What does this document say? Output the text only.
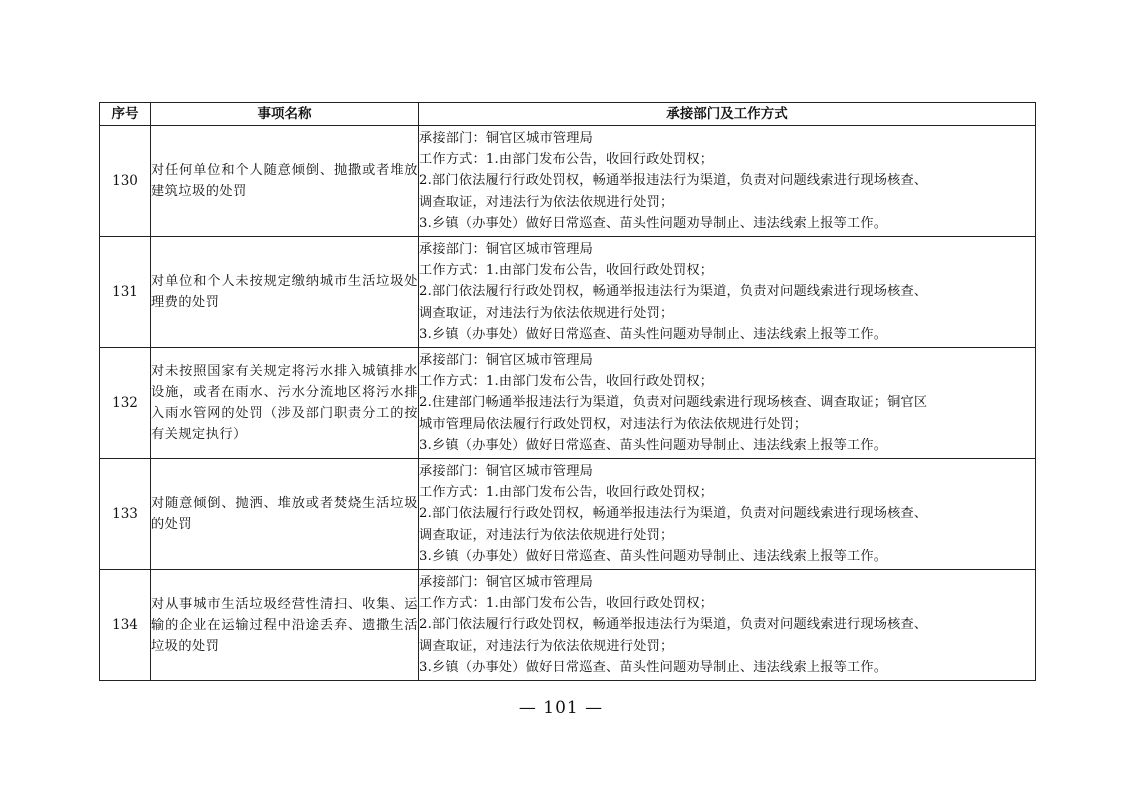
序号	事项名称	承接部门及工作方式
130	对任何单位和个人随意倾倒、抛撒或者堆放建筑垃圾的处罚	承接部门：铜官区城市管理局
工作方式：1.由部门发布公告，收回行政处罚权；
2.部门依法履行行政处罚权，畅通举报违法行为渠道，负责对问题线索进行现场核查、
调查取证，对违法行为依法依规进行处罚；
3.乡镇（办事处）做好日常巡查、苗头性问题劝导制止、违法线索上报等工作。

131	对单位和个人未按规定缴纳城市生活垃圾处理费的处罚	承接部门：铜官区城市管理局
工作方式：1.由部门发布公告，收回行政处罚权；
2.部门依法履行行政处罚权，畅通举报违法行为渠道，负责对问题线索进行现场核查、
调查取证，对违法行为依法依规进行处罚；
3.乡镇（办事处）做好日常巡查、苗头性问题劝导制止、违法线索上报等工作。

132	对未按照国家有关规定将污水排入城镇排水设施，或者在雨水、污水分流地区将污水排入雨水管网的处罚（涉及部门职责分工的按有关规定执行）	承接部门：铜官区城市管理局
工作方式：1.由部门发布公告，收回行政处罚权；
2.住建部门畅通举报违法行为渠道，负责对问题线索进行现场核查、调查取证；铜官区
城市管理局依法履行行政处罚权，对违法行为依法依规进行处罚；
3.乡镇（办事处）做好日常巡查、苗头性问题劝导制止、违法线索上报等工作。

133	对随意倾倒、抛洒、堆放或者焚烧生活垃圾的处罚	承接部门：铜官区城市管理局
工作方式：1.由部门发布公告，收回行政处罚权；
2.部门依法履行行政处罚权，畅通举报违法行为渠道，负责对问题线索进行现场核查、
调查取证，对违法行为依法依规进行处罚；
3.乡镇（办事处）做好日常巡查、苗头性问题劝导制止、违法线索上报等工作。

134	对从事城市生活垃圾经营性清扫、收集、运输的企业在运输过程中沿途丢弃、遗撒生活垃圾的处罚	承接部门：铜官区城市管理局
工作方式：1.由部门发布公告，收回行政处罚权；
2.部门依法履行行政处罚权，畅通举报违法行为渠道，负责对问题线索进行现场核查、
调查取证，对违法行为依法依规进行处罚；
3.乡镇（办事处）做好日常巡查、苗头性问题劝导制止、违法线索上报等工作。
— 101 —
